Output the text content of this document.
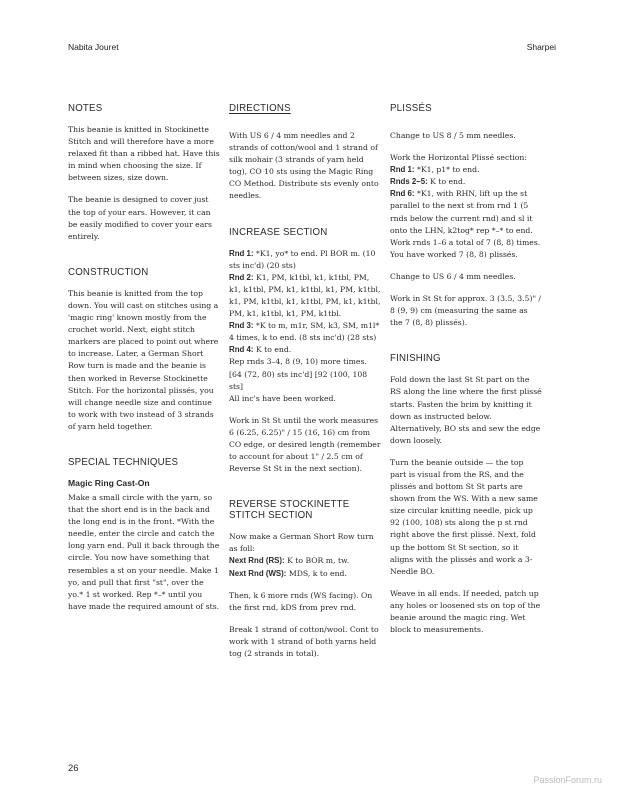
Nabita Jouret	Sharpei
NOTES

This beanie is knitted in Stockinette Stitch and will therefore have a more relaxed fit than a ribbed hat. Have this in mind when choosing the size. If between sizes, size down.

The beanie is designed to cover just the top of your ears. However, it can be easily modified to cover your ears entirely.

CONSTRUCTION

This beanie is knitted from the top down. You will cast on stitches using a 'magic ring' known mostly from the crochet world. Next, eight stitch markers are placed to point out where to increase. Later, a German Short Row turn is made and the beanie is then worked in Reverse Stockinette Stitch. For the horizontal plissés, you will change needle size and continue to work with two instead of 3 strands of yarn held together.

SPECIAL TECHNIQUES
Magic Ring Cast-On

Make a small circle with the yarn, so that the short end is in the back and the long end is in the front. *With the needle, enter the circle and catch the long yarn end. Pull it back through the circle. You now have something that resembles a st on your needle. Make 1 yo, and pull that first "st", over the yo.* 1 st worked. Rep *–* until you have made the required amount of sts.

DIRECTIONS

With US 6 / 4 mm needles and 2 strands of cotton/wool and 1 strand of silk mohair (3 strands of yarn held tog), CO 10 sts using the Magic Ring CO Method. Distribute sts evenly onto needles.

INCREASE SECTION
Rnd 1: *K1, yo* to end. Pl BOR m. (10 sts inc'd) (20 sts)
Rnd 2: K1, PM, k1tbl, k1, k1tbl, PM, k1, k1tbl, PM, k1, k1tbl, k1, PM, k1tbl, k1, PM, k1tbl, k1, k1tbl, PM, k1, k1tbl, PM, k1, k1tbl, k1, PM, k1tbl.
Rnd 3: *K to m, m1r, SM, k3, SM, m1l* 4 times, k to end. (8 sts inc'd) (28 sts)
Rnd 4: K to end.
Rep rnds 3–4, 8 (9, 10) more times. [64 (72, 80) sts inc'd] [92 (100, 108 sts]
All inc's have been worked.

Work in St St until the work measures 6 (6.25, 6.25)" / 15 (16, 16) cm from CO edge, or desired length (remember to account for about 1" / 2.5 cm of Reverse St St in the next section).

REVERSE STOCKINETTE STITCH SECTION

Now make a German Short Row turn as foll:

Next Rnd (RS): K to BOR m, tw.
Next Rnd (WS): MDS, k to end.

Then, k 6 more rnds (WS facing). On the first rnd, kDS from prev rnd.

Break 1 strand of cotton/wool. Cont to work with 1 strand of both yarns held tog (2 strands in total).

PLISSÉS

Change to US 8 / 5 mm needles.

Work the Horizontal Plissé section:

Rnd 1: *K1, p1* to end.
Rnds 2–5: K to end.
Rnd 6: *K1, with RHN, lift up the st parallel to the next st from rnd 1 (5 rnds below the current rnd) and sl it onto the LHN, k2tog* rep *–* to end.
Work rnds 1–6 a total of 7 (8, 8) times. You have worked 7 (8, 8) plissés.

Change to US 6 / 4 mm needles.

Work in St St for approx. 3 (3.5, 3.5)" / 8 (9, 9) cm (measuring the same as the 7 (8, 8) plissés).

FINISHING

Fold down the last St St part on the RS along the line where the first plissé starts. Fasten the brim by knitting it down as instructed below. Alternatively, BO sts and sew the edge down loosely.

Turn the beanie outside — the top part is visual from the RS, and the plissés and bottom St St parts are shown from the WS. With a new same size circular knitting needle, pick up 92 (100, 108) sts along the p st rnd right above the first plissé. Next, fold up the bottom St St section, so it aligns with the plissés and work a 3-Needle BO.

Weave in all ends. If needed, patch up any holes or loosened sts on top of the beanie around the magic ring. Wet block to measurements.

26
PassionForum.ru
